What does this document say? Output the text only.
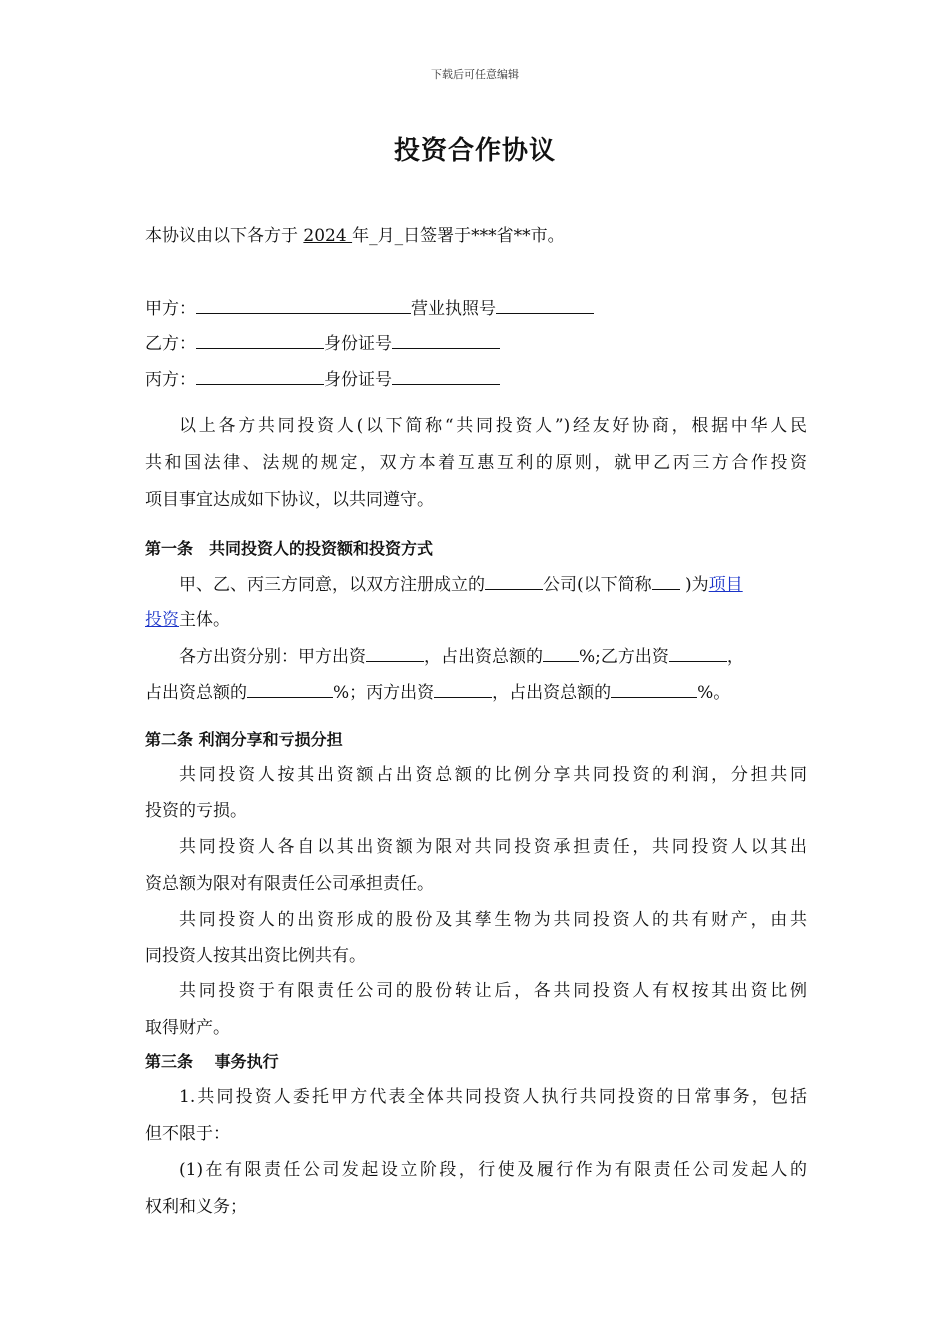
下载后可任意编辑
投资合作协议
本协议由以下各方于 2024 年_月_日签署于***省**市。
甲方：	营业执照号
乙方：	身份证号
丙方：	身份证号
以上各方共同投资人(以下简称“共同投资人”)经友好协商，根据中华人民
共和国法律、法规的规定，双方本着互惠互利的原则，就甲乙丙三方合作投资
项目事宜达成如下协议，以共同遵守。
第一条　共同投资人的投资额和投资方式
甲、乙、丙三方同意，以双方注册成立的	公司(以下简称 )为项目
投资主体。
各方出资分别：甲方出资	，占出资总额的 %;乙方出资	，
占出资总额的	%；丙方出资	，占出资总额的	%。
第二条 利润分享和亏损分担
共同投资人按其出资额占出资总额的比例分享共同投资的利润，分担共同
投资的亏损。
共同投资人各自以其出资额为限对共同投资承担责任，共同投资人以其出
资总额为限对有限责任公司承担责任。
共同投资人的出资形成的股份及其孳生物为共同投资人的共有财产，由共
同投资人按其出资比例共有。
共同投资于有限责任公司的股份转让后，各共同投资人有权按其出资比例
取得财产。
第三条　 事务执行
1.共同投资人委托甲方代表全体共同投资人执行共同投资的日常事务，包括
但不限于：
(1)在有限责任公司发起设立阶段，行使及履行作为有限责任公司发起人的
权利和义务；
